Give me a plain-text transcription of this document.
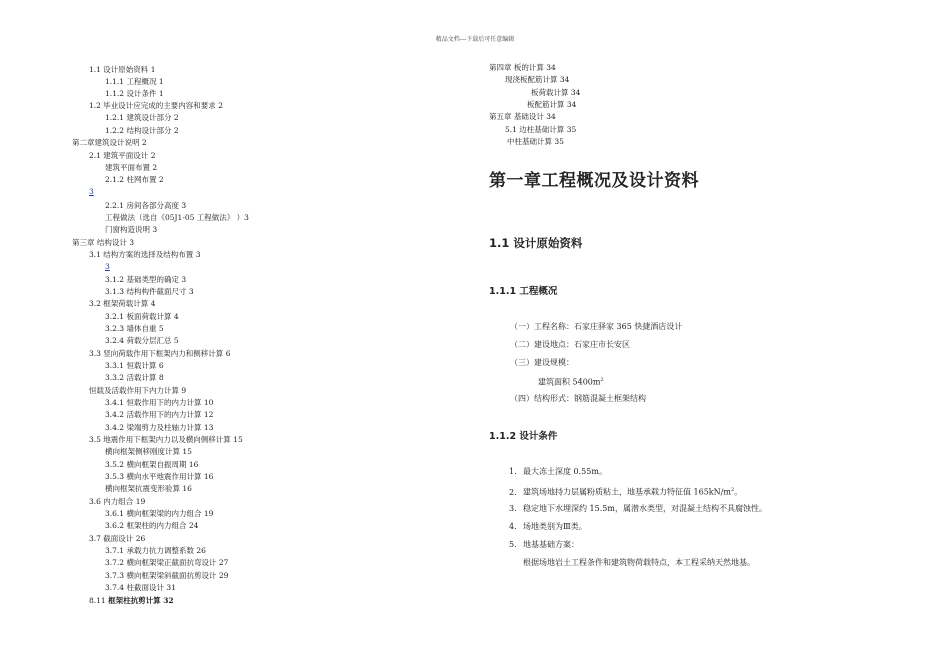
精品文档---下载后可任意编辑
1.1 设计原始资料 1
1.1.1 工程概况 1
1.1.2 设计条件 1
1.2 毕业设计应完成的主要内容和要求 2
1.2.1 建筑设计部分 2
1.2.2 结构设计部分 2
第二章建筑设计说明 2
2.1 建筑平面设计 2
建筑平面布置 2
2.1.2 柱网布置 2
3
2.2.1 房间各部分高度 3
工程做法（选自《05J1-05 工程做法》 ）3
门窗构造说明 3
第三章 结构设计 3
3.1 结构方案的选择及结构布置 3
3
3.1.2 基础类型的确定 3
3.1.3 结构构件截面尺寸 3
3.2 框架荷载计算 4
3.2.1 板面荷载计算 4
3.2.3 墙体自重 5
3.2.4 荷载分层汇总 5
3.3 竖向荷载作用下框架内力和侧移计算 6
3.3.1 恒载计算 6
3.3.2 活载计算 8
恒载及活载作用下内力计算 9
3.4.1 恒载作用下的内力计算 10
3.4.2 活载作用下的内力计算 12
3.4.2 梁端剪力及柱轴力计算 13
3.5 地震作用下框架内力以及横向侧移计算 15
横向框架侧移刚度计算 15
3.5.2 横向框架自振周期 16
3.5.3 横向水平地震作用计算 16
横向框架抗震变形验算 16
3.6 内力组合 19
3.6.1 横向框架梁的内力组合 19
3.6.2 框架柱的内力组合 24
3.7 截面设计 26
3.7.1 承载力抗力调整系数 26
3.7.2 横向框架梁正截面抗弯设计 27
3.7.3 横向框架梁斜截面抗剪设计 29
3.7.4 柱截面设计 31
8.11 框架柱抗剪计算 32
第四章 板的计算 34
现浇板配筋计算 34
板荷载计算 34
板配筋计算 34
第五章 基础设计 34
5.1 边柱基础计算 35
中柱基础计算 35
第一章工程概况及设计资料
1.1 设计原始资料
1.1.1 工程概况
（一）工程名称：石家庄驿家 365 快捷酒店设计
（二）建设地点：石家庄市长安区
（三）建设规模：
建筑面积 $5400m^2$
（四）结构形式：钢筋混凝土框架结构
1.1.2 设计条件
1. 最大冻土深度 0.55m。
2. 建筑场地持力层属粉质粘土，地基承载力特征值 $165kN/m^2$。
3. 稳定地下水埋深约 15.5m，属潜水类型，对混凝土结构不具腐蚀性。
4. 场地类别为Ⅲ类。
5. 地基基础方案：
根据场地岩土工程条件和建筑物荷载特点，本工程采纳天然地基。
